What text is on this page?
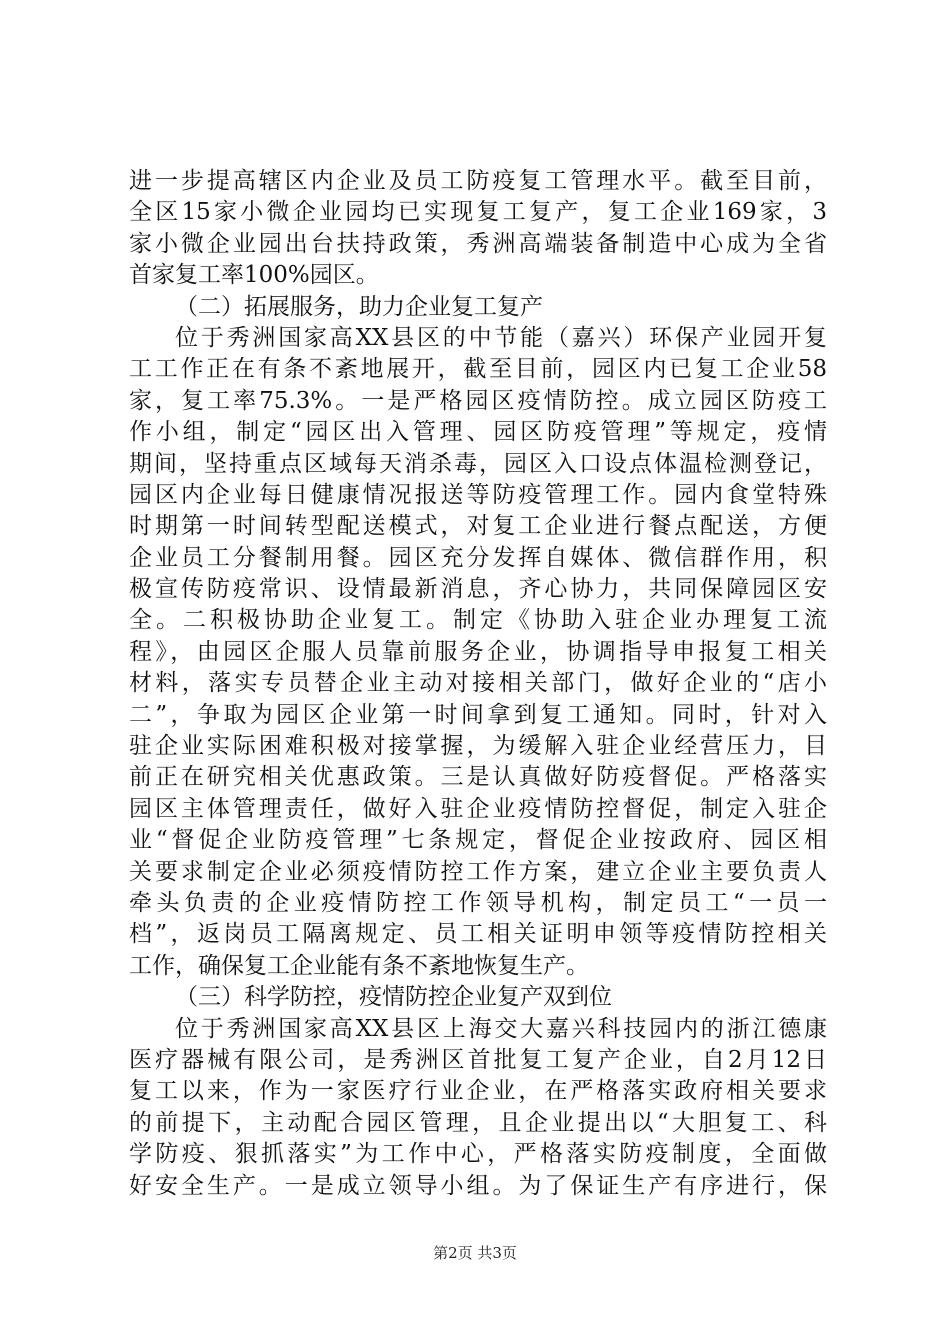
进一步提高辖区内企业及员工防疫复工管理水平。截至目前，
全区15家小微企业园均已实现复工复产，复工企业169家，3
家小微企业园出台扶持政策，秀洲高端装备制造中心成为全省
首家复工率100%园区。
（二）拓展服务，助力企业复工复产
位于秀洲国家高XX县区的中节能（嘉兴）环保产业园开复
工工作正在有条不紊地展开，截至目前，园区内已复工企业58
家，复工率75.3%。一是严格园区疫情防控。成立园区防疫工
作小组，制定“园区出入管理、园区防疫管理”等规定，疫情
期间，坚持重点区域每天消杀毒，园区入口设点体温检测登记，
园区内企业每日健康情况报送等防疫管理工作。园内食堂特殊
时期第一时间转型配送模式，对复工企业进行餐点配送，方便
企业员工分餐制用餐。园区充分发挥自媒体、微信群作用，积
极宣传防疫常识、设情最新消息，齐心协力，共同保障园区安
全。二积极协助企业复工。制定《协助入驻企业办理复工流
程》，由园区企服人员靠前服务企业，协调指导申报复工相关
材料，落实专员替企业主动对接相关部门，做好企业的“店小
二”，争取为园区企业第一时间拿到复工通知。同时，针对入
驻企业实际困难积极对接掌握，为缓解入驻企业经营压力，目
前正在研究相关优惠政策。三是认真做好防疫督促。严格落实
园区主体管理责任，做好入驻企业疫情防控督促，制定入驻企
业“督促企业防疫管理”七条规定，督促企业按政府、园区相
关要求制定企业必须疫情防控工作方案，建立企业主要负责人
牵头负责的企业疫情防控工作领导机构，制定员工“一员一
档”，返岗员工隔离规定、员工相关证明申领等疫情防控相关
工作，确保复工企业能有条不紊地恢复生产。
（三）科学防控，疫情防控企业复产双到位
位于秀洲国家高XX县区上海交大嘉兴科技园内的浙江德康
医疗器械有限公司，是秀洲区首批复工复产企业，自2月12日
复工以来，作为一家医疗行业企业，在严格落实政府相关要求
的前提下，主动配合园区管理，且企业提出以“大胆复工、科
学防疫、狠抓落实”为工作中心，严格落实防疫制度，全面做
好安全生产。一是成立领导小组。为了保证生产有序进行，保
第2页 共3页
